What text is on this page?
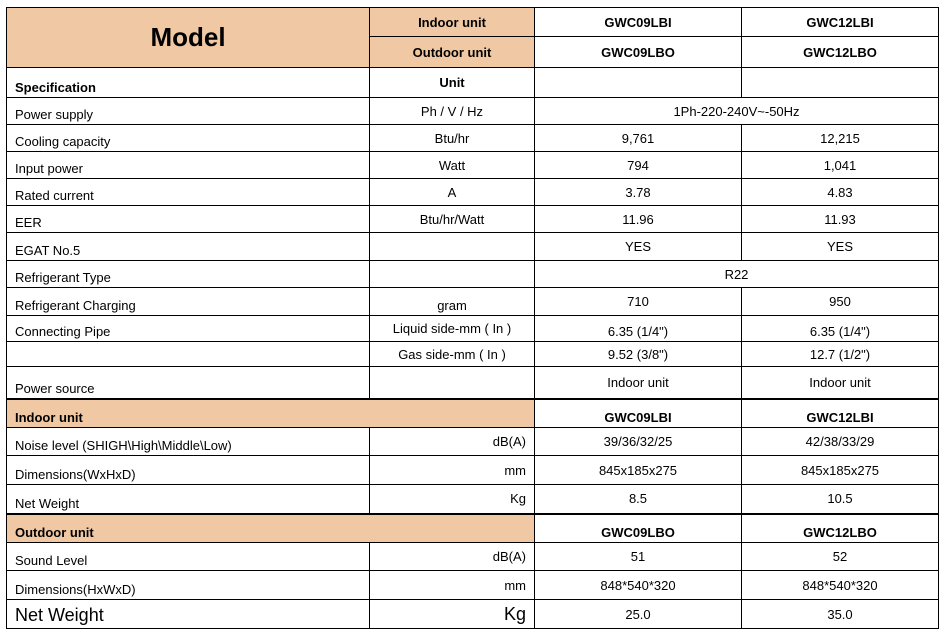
Model	Indoor unit	GWC09LBI	GWC12LBI
	Outdoor unit	GWC09LBO	GWC12LBO
Specification	Unit		
Power supply	Ph / V / Hz	1Ph-220-240V~-50Hz	
Cooling capacity	Btu/hr	9,761	12,215
Input power	Watt	794	1,041
Rated current	A	3.78	4.83
EER	Btu/hr/Watt	11.96	11.93
EGAT No.5		YES	YES
Refrigerant Type		R22	
Refrigerant Charging	gram	710	950
Connecting Pipe	Liquid side-mm ( In )	6.35 (1/4")	6.35 (1/4")
	Gas side-mm ( In )	9.52 (3/8")	12.7 (1/2")
Power source		Indoor unit	Indoor unit
Indoor unit		GWC09LBI	GWC12LBI
Noise level (SHIGH\High\Middle\Low)	dB(A)	39/36/32/25	42/38/33/29
Dimensions(WxHxD)	mm	845x185x275	845x185x275
Net Weight	Kg	8.5	10.5
Outdoor unit		GWC09LBO	GWC12LBO
Sound Level	dB(A)	51	52
Dimensions(HxWxD)	mm	848*540*320	848*540*320
Net Weight	Kg	25.0	35.0
